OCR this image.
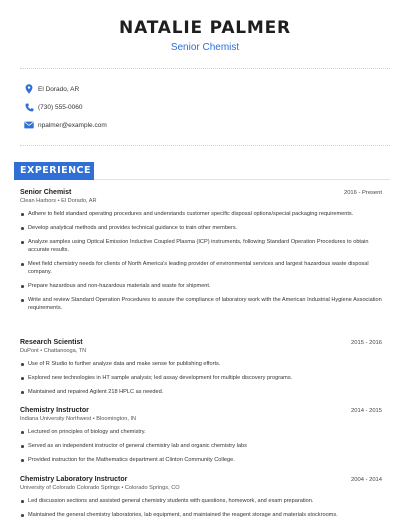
NATALIE PALMER
Senior Chemist
El Dorado, AR
(730) 555-0060
npalmer@example.com
EXPERIENCE
Senior Chemist	2016 - Present
Clean Harbors • El Dorado, AR
Adhere to field standard operating procedures and understands customer specific disposal options/special packaging requirements.
Develop analytical methods and provides technical guidance to train other members.
Analyze samples using Optical Emission Inductive Coupled Plasma (ICP) instruments, following Standard Operation Procedures to obtain accurate results.
Meet field chemistry needs for clients of North America's leading provider of environmental services and largest hazardous waste disposal company.
Prepare hazardous and non-hazardous materials and waste for shipment.
Write and review Standard Operation Procedures to assure the compliance of laboratory work with the American Industrial Hygiene Association requirements.
Research Scientist	2015 - 2016
DuPont • Chattanooga, TN
Use of R Studio to further analyze data and make sense for publishing efforts.
Explored new technologies in HT sample analysis; led assay development for multiple discovery programs.
Maintained and repaired Agilent 218 HPLC as needed.
Chemistry Instructor	2014 - 2015
Indiana University Northwest • Bloomington, IN
Lectured on principles of biology and chemistry.
Served as an independent instructor of general chemistry lab and organic chemistry labs
Provided instruction for the Mathematics department at Clinton Community College.
Chemistry Laboratory Instructor	2004 - 2014
University of Colorado Colorado Springs • Colorado Springs, CO
Led discussion sections and assisted general chemistry students with questions, homework, and exam preparation.
Maintained the general chemistry laboratories, lab equipment, and maintained the reagent storage and materials stockrooms.
